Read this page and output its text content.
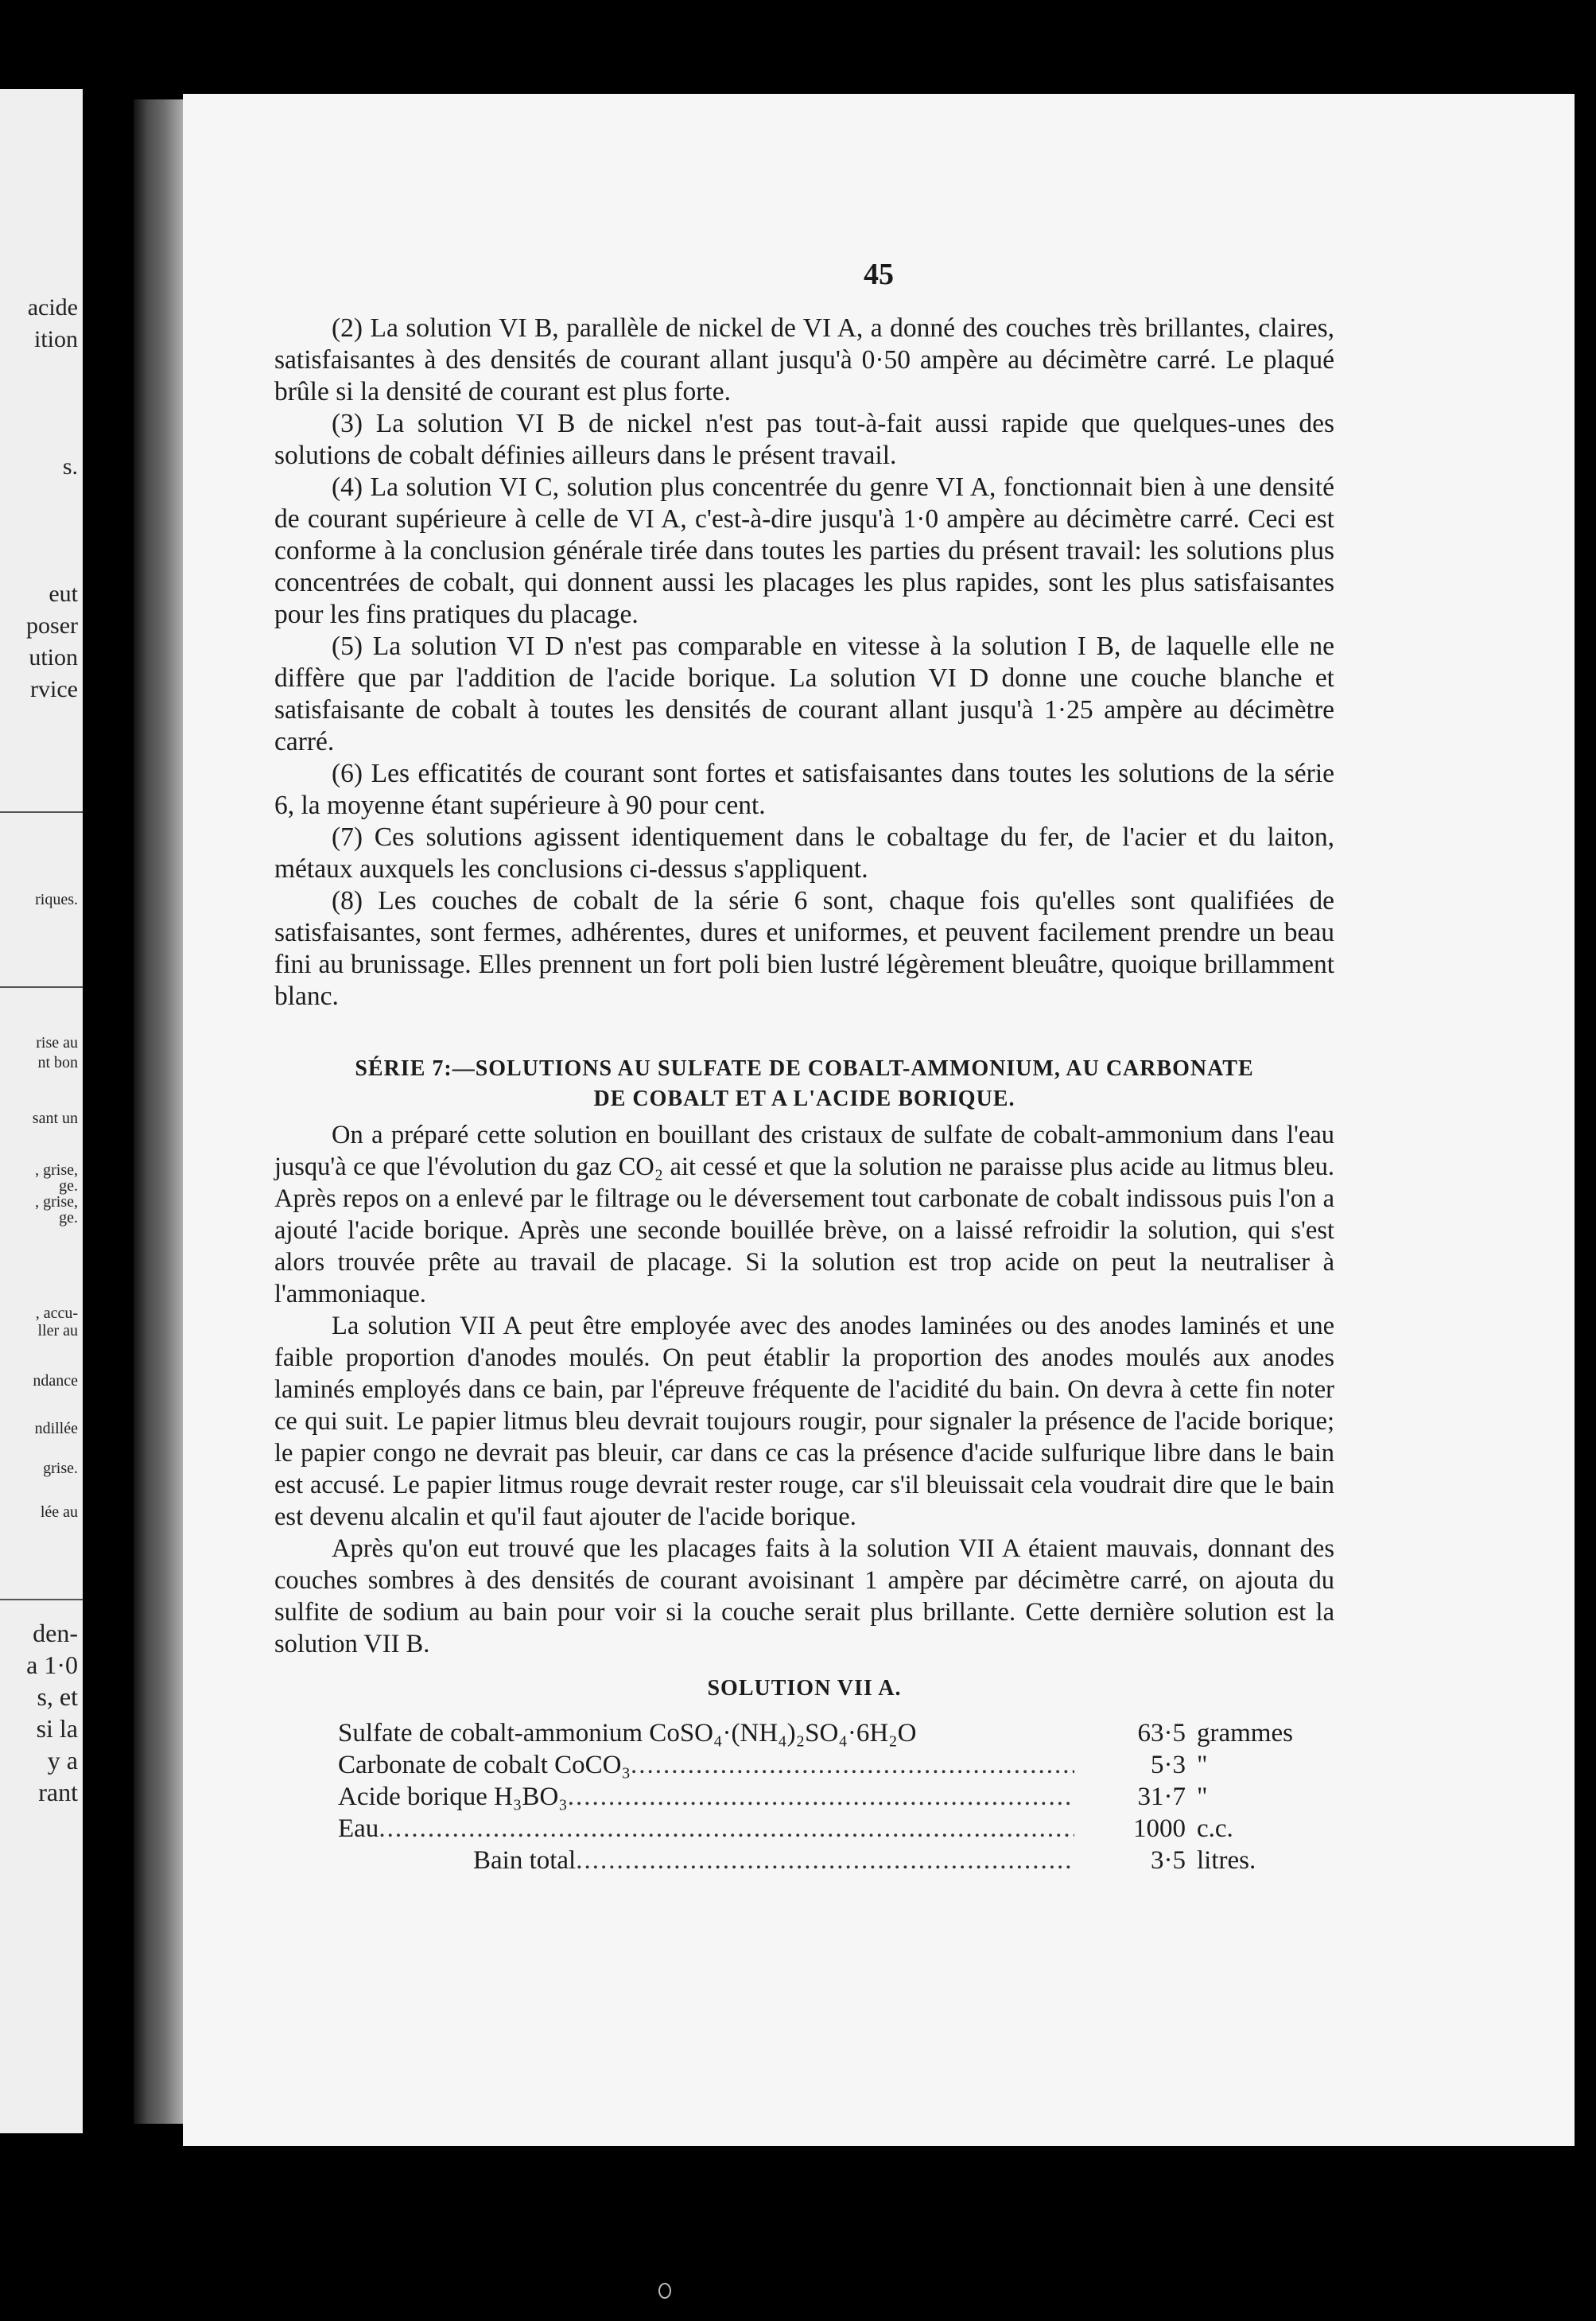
acide
ition
s.
eut
poser
ution
rvice
riques.
rise au
nt bon
sant un
, grise,
ge.
, grise,
ge.
, accu-
ller au
ndance
ndillée
grise.
lée au
den-
a 1·0
s, et
si la
y a
rant
45

(2) La solution VI B, parallèle de nickel de VI A, a donné des couches très brillantes, claires, satisfaisantes à des densités de courant allant jusqu'à 0·50 ampère au décimètre carré. Le plaqué brûle si la densité de courant est plus forte.

(3) La solution VI B de nickel n'est pas tout-à-fait aussi rapide que quelques-unes des solutions de cobalt définies ailleurs dans le présent travail.

(4) La solution VI C, solution plus concentrée du genre VI A, fonctionnait bien à une densité de courant supérieure à celle de VI A, c'est-à-dire jusqu'à 1·0 ampère au décimètre carré. Ceci est conforme à la conclusion générale tirée dans toutes les parties du présent travail: les solutions plus concentrées de cobalt, qui donnent aussi les placages les plus rapides, sont les plus satisfaisantes pour les fins pratiques du placage.

(5) La solution VI D n'est pas comparable en vitesse à la solution I B, de laquelle elle ne diffère que par l'addition de l'acide borique. La solution VI D donne une couche blanche et satisfaisante de cobalt à toutes les densités de courant allant jusqu'à 1·25 ampère au décimètre carré.

(6) Les efficatités de courant sont fortes et satisfaisantes dans toutes les solutions de la série 6, la moyenne étant supérieure à 90 pour cent.

(7) Ces solutions agissent identiquement dans le cobaltage du fer, de l'acier et du laiton, métaux auxquels les conclusions ci-dessus s'appliquent.

(8) Les couches de cobalt de la série 6 sont, chaque fois qu'elles sont qualifiées de satisfaisantes, sont fermes, adhérentes, dures et uniformes, et peuvent facilement prendre un beau fini au brunissage. Elles prennent un fort poli bien lustré légèrement bleuâtre, quoique brillamment blanc.

SÉRIE 7:—SOLUTIONS AU SULFATE DE COBALT-AMMONIUM, AU CARBONATE
DE COBALT ET A L'ACIDE BORIQUE.

On a préparé cette solution en bouillant des cristaux de sulfate de cobalt-ammonium dans l'eau jusqu'à ce que l'évolution du gaz CO₂ ait cessé et que la solution ne paraisse plus acide au litmus bleu. Après repos on a enlevé par le filtrage ou le déversement tout carbonate de cobalt indissous puis l'on a ajouté l'acide borique. Après une seconde bouillée brève, on a laissé refroidir la solution, qui s'est alors trouvée prête au travail de placage. Si la solution est trop acide on peut la neutraliser à l'ammoniaque.

La solution VII A peut être employée avec des anodes laminées ou des anodes laminés et une faible proportion d'anodes moulés. On peut établir la proportion des anodes moulés aux anodes laminés employés dans ce bain, par l'épreuve fréquente de l'acidité du bain. On devra à cette fin noter ce qui suit. Le papier litmus bleu devrait toujours rougir, pour signaler la présence de l'acide borique; le papier congo ne devrait pas bleuir, car dans ce cas la présence d'acide sulfurique libre dans le bain est accusé. Le papier litmus rouge devrait rester rouge, car s'il bleuissait cela voudrait dire que le bain est devenu alcalin et qu'il faut ajouter de l'acide borique.

Après qu'on eut trouvé que les placages faits à la solution VII A étaient mauvais, donnant des couches sombres à des densités de courant avoisinant 1 ampère par décimètre carré, on ajouta du sulfite de sodium au bain pour voir si la couche serait plus brillante. Cette dernière solution est la solution VII B.

SOLUTION VII A.
Sulfate de cobalt-ammonium CoSO₄·(NH₄)₂SO₄·6H₂O	63·5 grammes
Carbonate de cobalt CoCO₃ .....	5·3 "
Acide borique H₃BO₃ .....	31·7 "
Eau .....	1000 c.c.
Bain total .....	3·5 litres.
